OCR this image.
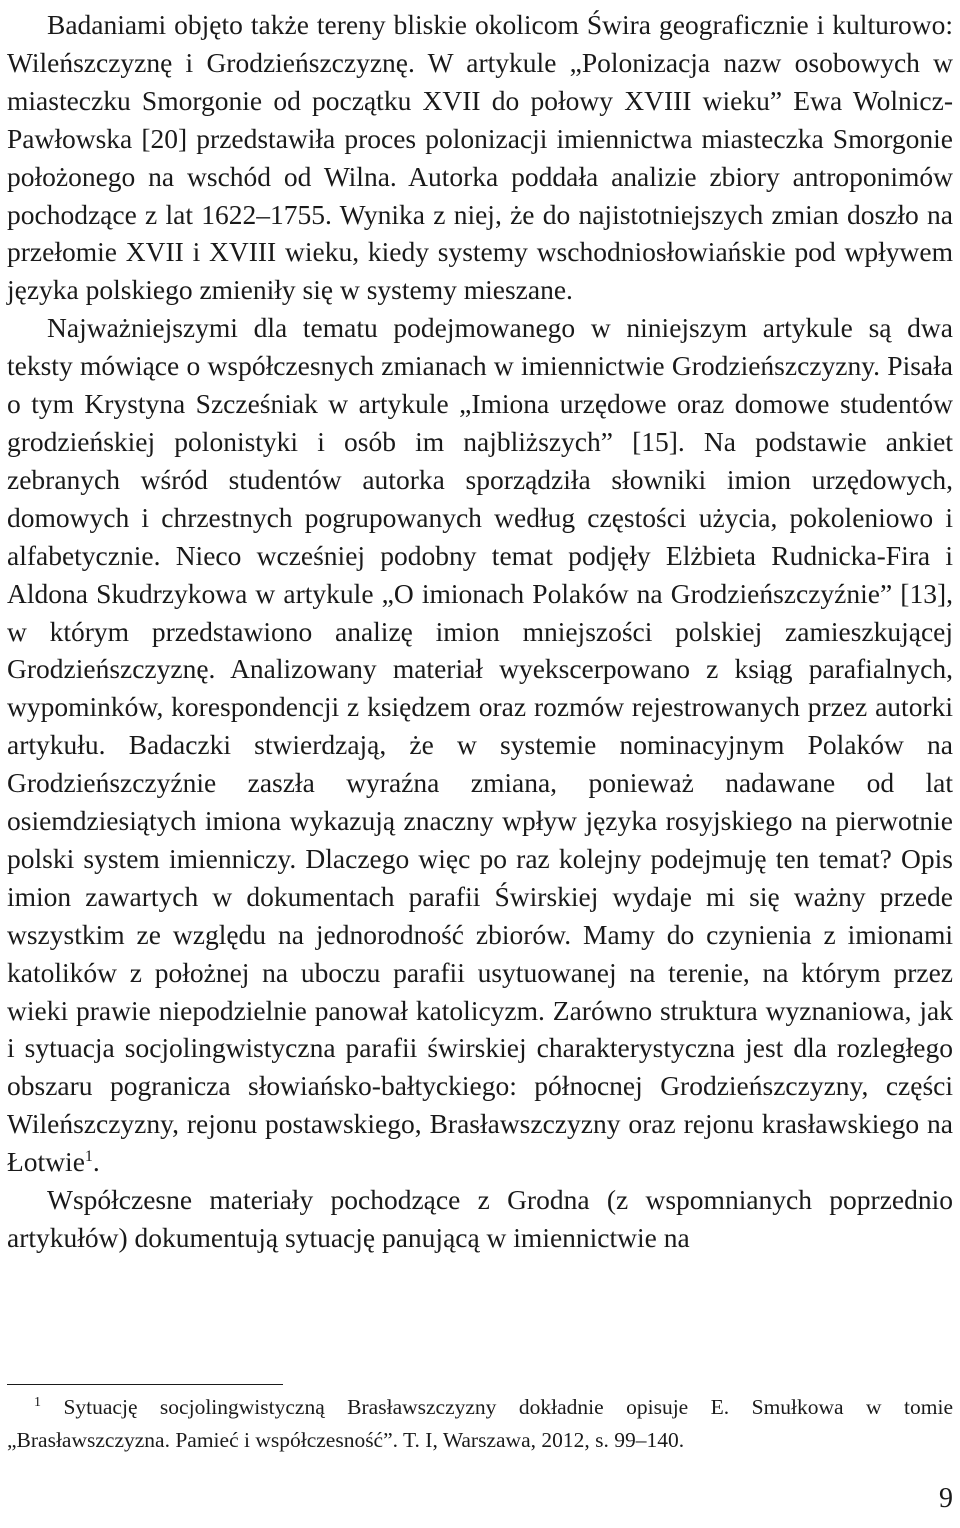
Badaniami objęto także tereny bliskie okolicom Świra geograficznie i kulturowo: Wileńszczyznę i Grodzieńszczyznę. W artykule „Polonizacja nazw osobowych w miasteczku Smorgonie od początku XVII do połowy XVIII wieku” Ewa Wolnicz-Pawłowska [20] przedstawiła proces polonizacji imiennictwa miasteczka Smorgonie położonego na wschód od Wilna. Autorka poddała analizie zbiory antroponimów pochodzące z lat 1622–1755. Wynika z niej, że do najistotniejszych zmian doszło na przełomie XVII i XVIII wieku, kiedy systemy wschodniosłowiańskie pod wpływem języka polskiego zmieniły się w systemy mieszane.

Najważniejszymi dla tematu podejmowanego w niniejszym artykule są dwa teksty mówiące o współczesnych zmianach w imiennictwie Grodzieńszczyzny. Pisała o tym Krystyna Szcześniak w artykule „Imiona urzędowe oraz domowe studentów grodzieńskiej polonistyki i osób im najbliższych” [15]. Na podstawie ankiet zebranych wśród studentów autorka sporządziła słowniki imion urzędowych, domowych i chrzestnych pogrupowanych według częstości użycia, pokoleniowo i alfabetycznie. Nieco wcześniej podobny temat podjęły Elżbieta Rudnicka-Fira i Aldona Skudrzykowa w artykule „O imionach Polaków na Grodzieńszczyźnie” [13], w którym przedstawiono analizę imion mniejszości polskiej zamieszkującej Grodzieńszczyznę. Analizowany materiał wyekscerpowano z ksiąg parafialnych, wypominków, korespondencji z księdzem oraz rozmów rejestrowanych przez autorki artykułu. Badaczki stwierdzają, że w systemie nominacyjnym Polaków na Grodzieńszczyźnie zaszła wyraźna zmiana, ponieważ nadawane od lat osiemdziesiątych imiona wykazują znaczny wpływ języka rosyjskiego na pierwotnie polski system imienniczy. Dlaczego więc po raz kolejny podejmuję ten temat? Opis imion zawartych w dokumentach parafii Świrskiej wydaje mi się ważny przede wszystkim ze względu na jednorodność zbiorów. Mamy do czynienia z imionami katolików z położnej na uboczu parafii usytuowanej na terenie, na którym przez wieki prawie niepodzielnie panował katolicyzm. Zarówno struktura wyznaniowa, jak i sytuacja socjolingwistyczna parafii świrskiej charakterystyczna jest dla rozległego obszaru pogranicza słowiańsko-bałtyckiego: północnej Grodzieńszczyzny, części Wileńszczyzny, rejonu postawskiego, Brasławszczyzny oraz rejonu krasławskiego na Łotwie$^1$.

Współczesne materiały pochodzące z Grodna (z wspomnianych poprzednio artykułów) dokumentują sytuację panującą w imiennictwie na

$^1$ Sytuację socjolingwistyczną Brasławszczyzny dokładnie opisuje E. Smułkowa w tomie „Brasławszczyzna. Pamieć i współczesność”. T. I, Warszawa, 2012, s. 99–140.

9
